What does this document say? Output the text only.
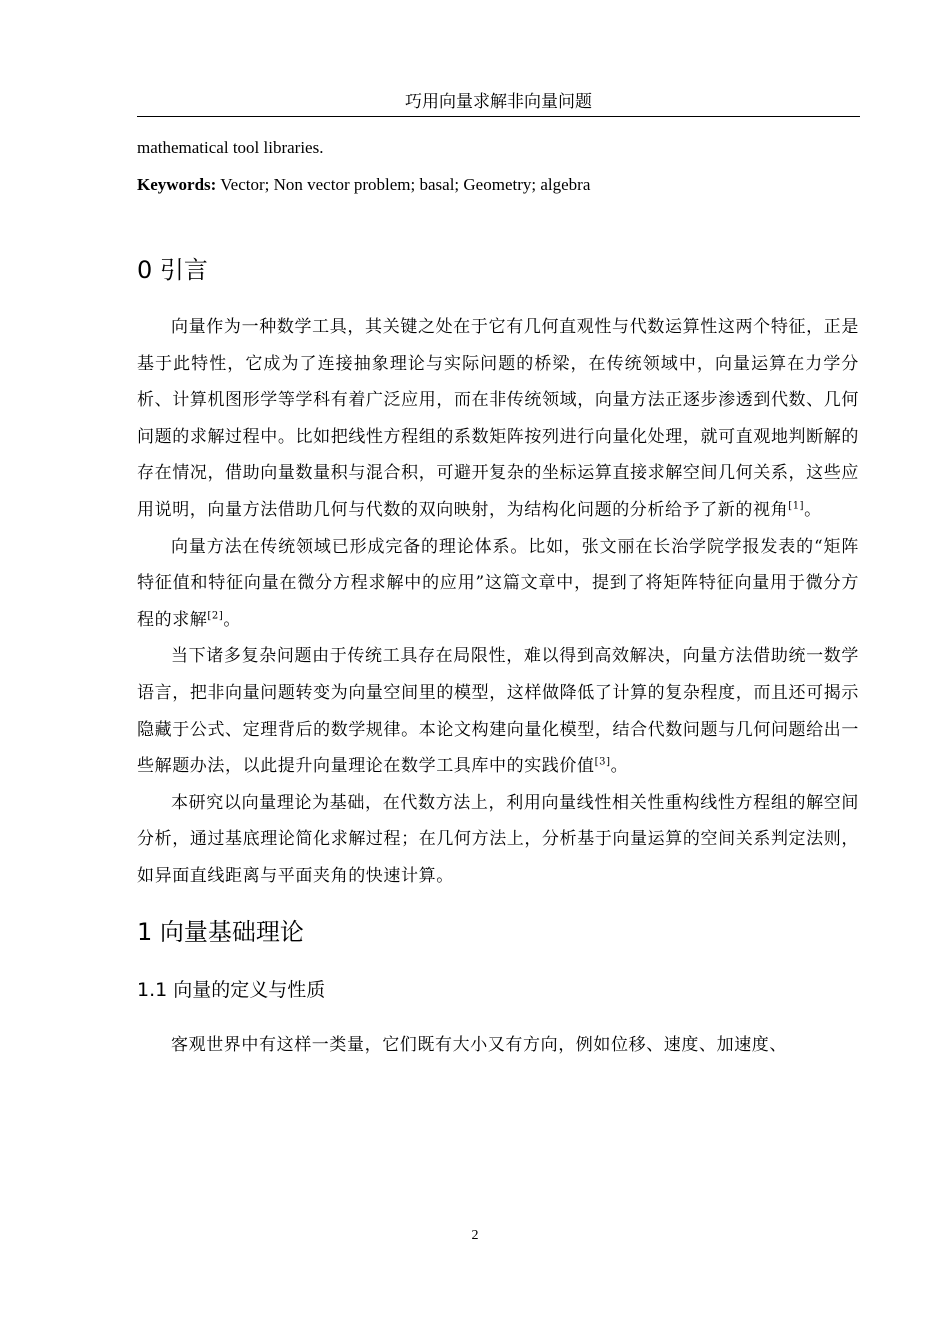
巧用向量求解非向量问题

mathematical tool libraries.

Keywords: Vector; Non vector problem; basal; Geometry; algebra

0 引言

向量作为一种数学工具，其关键之处在于它有几何直观性与代数运算性这两个特征，正是基于此特性，它成为了连接抽象理论与实际问题的桥梁，在传统领域中，向量运算在力学分析、计算机图形学等学科有着广泛应用，而在非传统领域，向量方法正逐步渗透到代数、几何问题的求解过程中。比如把线性方程组的系数矩阵按列进行向量化处理，就可直观地判断解的存在情况，借助向量数量积与混合积，可避开复杂的坐标运算直接求解空间几何关系，这些应用说明，向量方法借助几何与代数的双向映射，为结构化问题的分析给予了新的视角[1]。

向量方法在传统领域已形成完备的理论体系。比如，张文丽在长治学院学报发表的“矩阵特征值和特征向量在微分方程求解中的应用”这篇文章中，提到了将矩阵特征向量用于微分方程的求解[2]。

当下诸多复杂问题由于传统工具存在局限性，难以得到高效解决，向量方法借助统一数学语言，把非向量问题转变为向量空间里的模型，这样做降低了计算的复杂程度，而且还可揭示隐藏于公式、定理背后的数学规律。本论文构建向量化模型，结合代数问题与几何问题给出一些解题办法，以此提升向量理论在数学工具库中的实践价值[3]。

本研究以向量理论为基础，在代数方法上，利用向量线性相关性重构线性方程组的解空间分析，通过基底理论简化求解过程；在几何方法上，分析基于向量运算的空间关系判定法则，如异面直线距离与平面夹角的快速计算。

1 向量基础理论
1.1 向量的定义与性质

客观世界中有这样一类量，它们既有大小又有方向，例如位移、速度、加速度、

2
